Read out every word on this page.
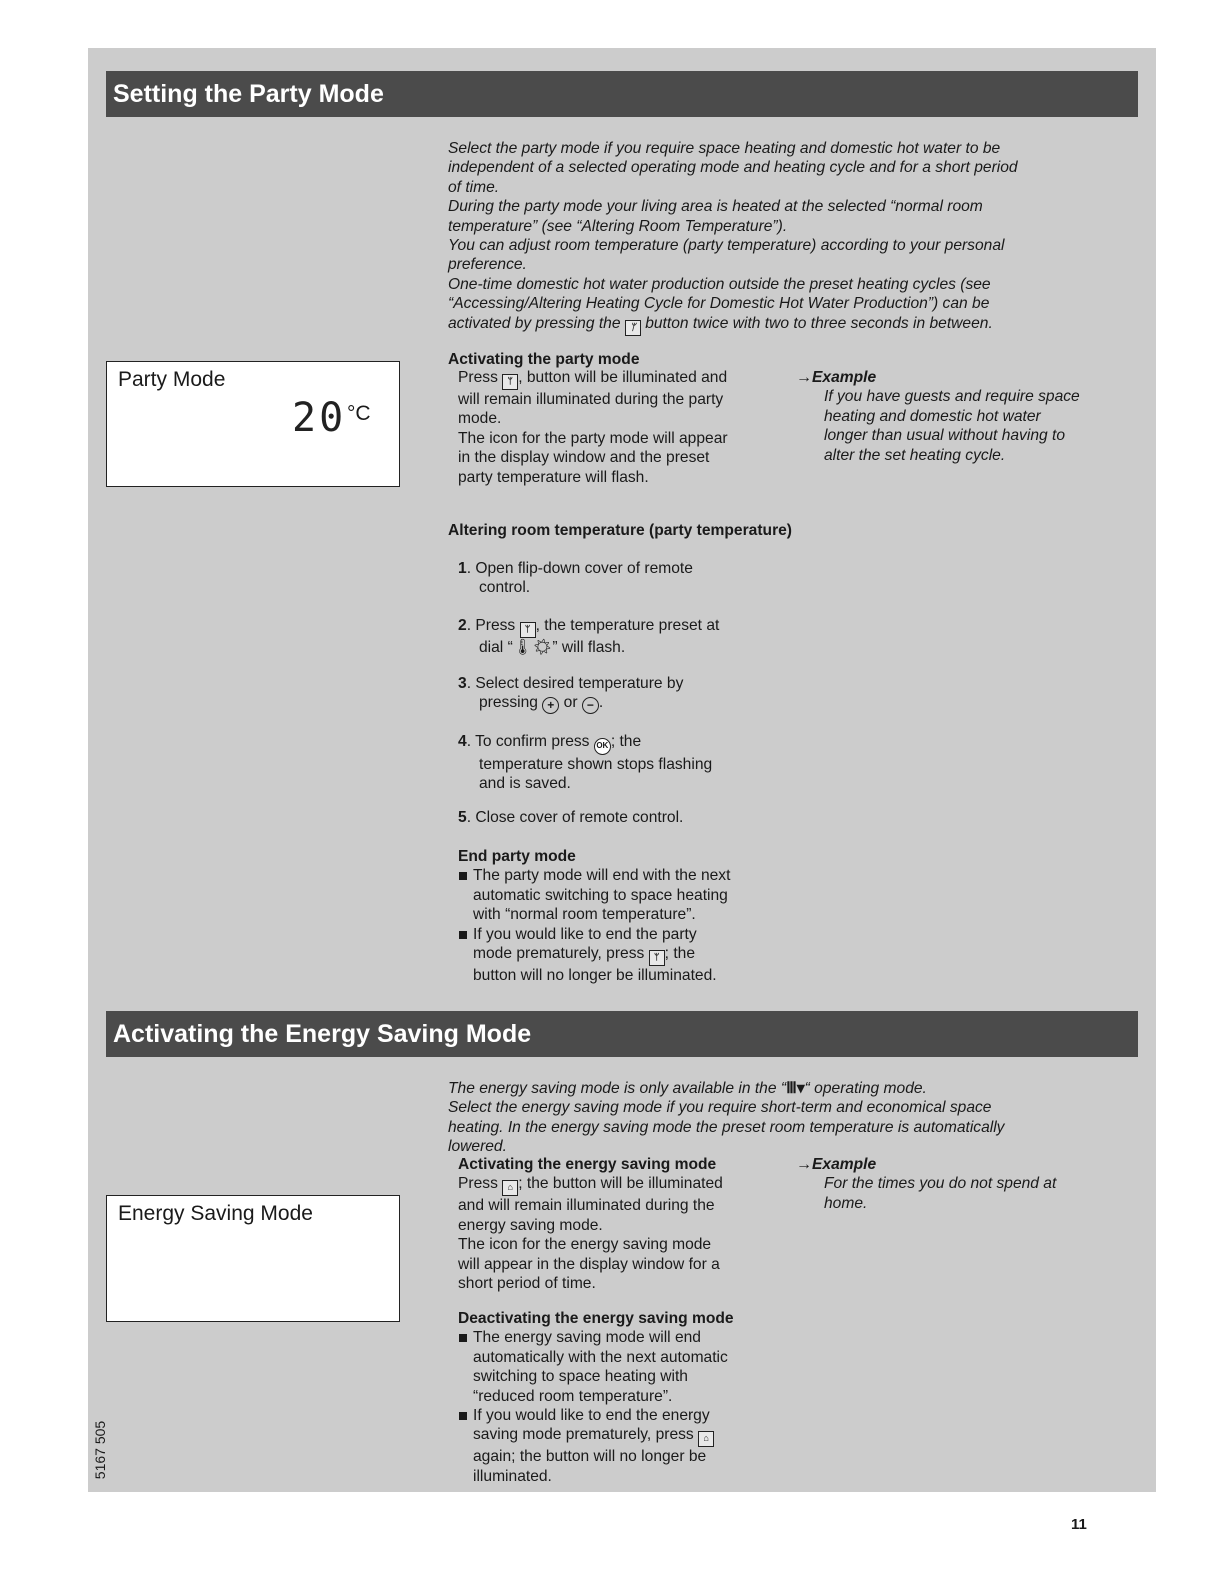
Setting the Party Mode
Select the party mode if you require space heating and domestic hot water to be
independent of a selected operating mode and heating cycle and for a short period
of time.
During the party mode your living area is heated at the selected “normal room
temperature” (see “Altering Room Temperature”).
You can adjust room temperature (party temperature) according to your personal
preference.
One-time domestic hot water production outside the preset heating cycles (see
“Accessing/Altering Heating Cycle for Domestic Hot Water Production”) can be
activated by pressing the ᛘ button twice with two to three seconds in between.
Party Mode
20 °C
Activating the party mode
Press ᛘ , button will be illuminated and
will remain illuminated during the party
mode.
The icon for the party mode will appear
in the display window and the preset
party temperature will flash.
→Example
If you have guests and require space
heating and domestic hot water
longer than usual without having to
alter the set heating cycle.
Altering room temperature (party temperature)
1. Open flip-down cover of remote
control.
2. Press ᛘ , the temperature preset at
dial “🌡☀” will flash.
3. Select desired temperature by
pressing + or − .
4. To confirm press OK ; the
temperature shown stops flashing
and is saved.
5. Close cover of remote control.
End party mode
The party mode will end with the next
automatic switching to space heating
with “normal room temperature”.
If you would like to end the party
mode prematurely, press ᛘ ; the
button will no longer be illuminated.
Activating the Energy Saving Mode
The energy saving mode is only available in the “Ⅲ▾“ operating mode.
Select the energy saving mode if you require short-term and economical space
heating. In the energy saving mode the preset room temperature is automatically
lowered.
Energy Saving Mode
Activating the energy saving mode
Press ⌂ ; the button will be illuminated
and will remain illuminated during the
energy saving mode.
The icon for the energy saving mode
will appear in the display window for a
short period of time.
→Example
For the times you do not spend at
home.
Deactivating the energy saving mode
The energy saving mode will end
automatically with the next automatic
switching to space heating with
“reduced room temperature”.
If you would like to end the energy
saving mode prematurely, press ⌂
again; the button will no longer be
illuminated.
5167 505
11
